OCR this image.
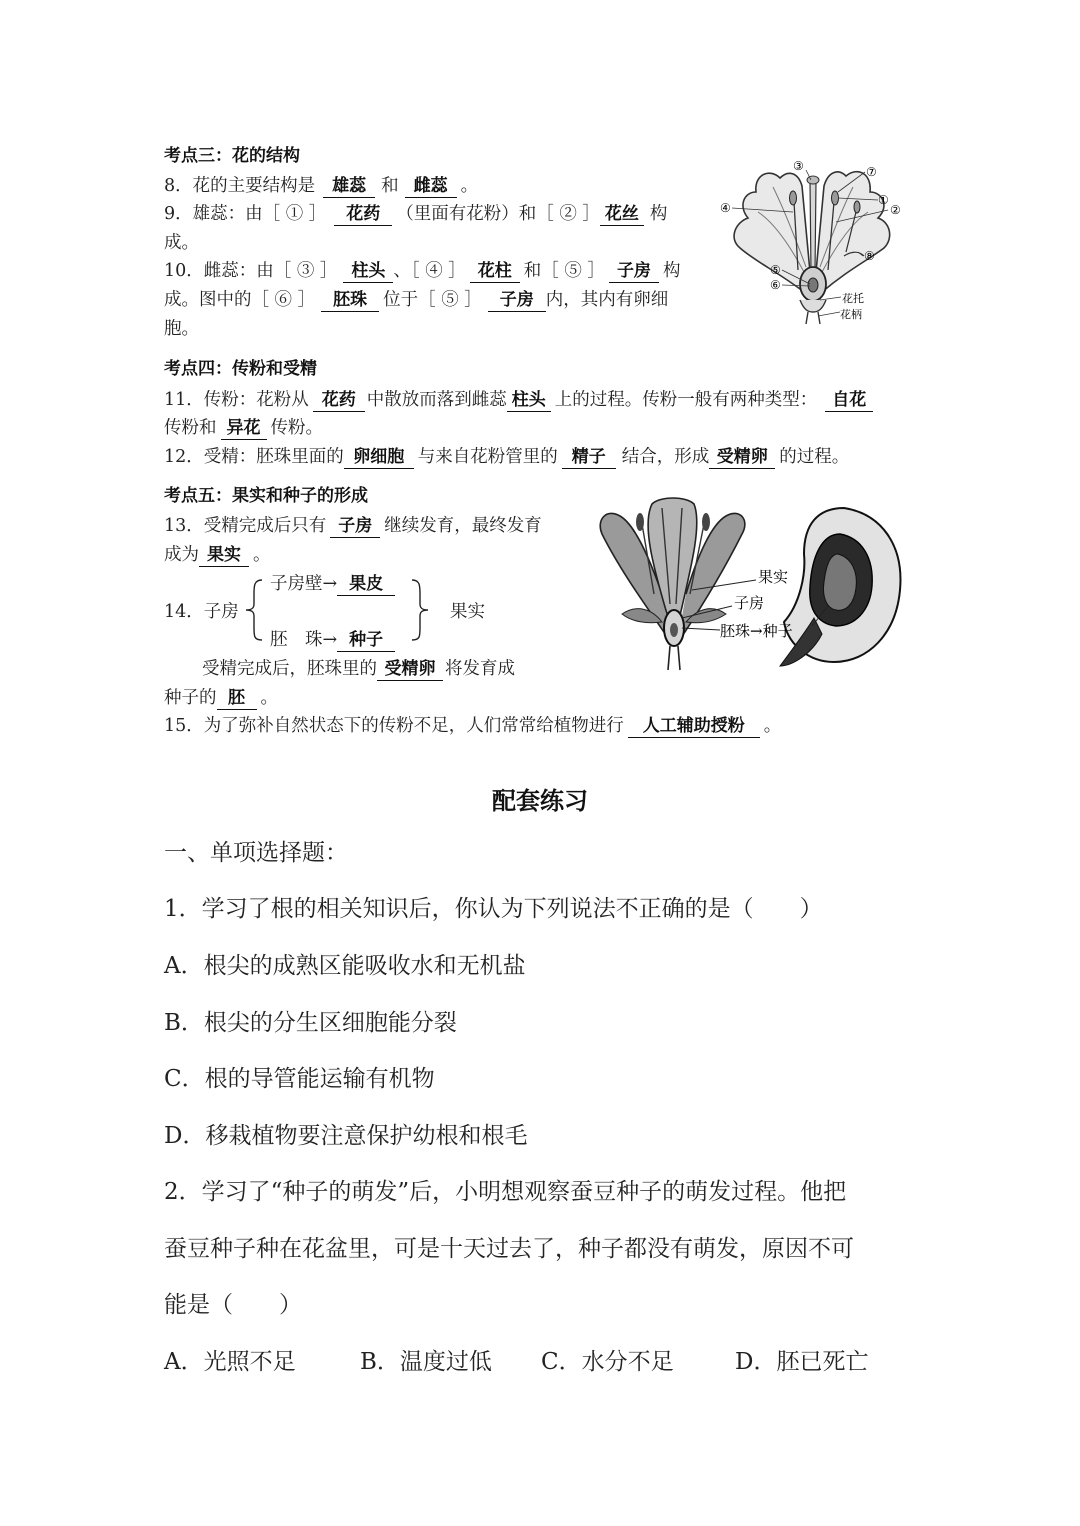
考点三：花的结构
8．花的主要结构是 雄蕊 和 雌蕊 。
9．雄蕊：由［ ① ］ 花药 （里面有花粉）和［ ② ］ 花丝 构
成。
10．雌蕊：由［ ③ ］ 柱头 、［ ④ ］ 花柱 和［ ⑤ ］ 子房 构
成。图中的［ ⑥ ］ 胚珠 位于［ ⑤ ］ 子房 内，其内有卵细
胞。
③	⑦
①
②
④
⑧
⑤
⑥
花托
花柄
考点四：传粉和受精
11．传粉：花粉从 花药 中散放而落到雌蕊 柱头 上的过程。传粉一般有两种类型： 自花
传粉和 异花 传粉。
12．受精：胚珠里面的 卵细胞 与来自花粉管里的 精子 结合，形成 受精卵 的过程。
考点五：果实和种子的形成
13．受精完成后只有 子房 继续发育，最终发育
成为 果实 。
14．子房
子房壁→ 果皮
胚　珠→ 种子
果实
受精完成后，胚珠里的 受精卵 将发育成
种子的 胚 。
15．为了弥补自然状态下的传粉不足，人们常常给植物进行 人工辅助授粉 。
果实
子房
胚珠→种子
配套练习
一、单项选择题：
1．学习了根的相关知识后，你认为下列说法不正确的是（　　）
A．根尖的成熟区能吸收水和无机盐
B．根尖的分生区细胞能分裂
C．根的导管能运输有机物
D．移栽植物要注意保护幼根和根毛
2．学习了“种子的萌发”后，小明想观察蚕豆种子的萌发过程。他把
蚕豆种子种在花盆里，可是十天过去了，种子都没有萌发，原因不可
能是（　　）
A．光照不足	B．温度过低 C．水分不足	D．胚已死亡
